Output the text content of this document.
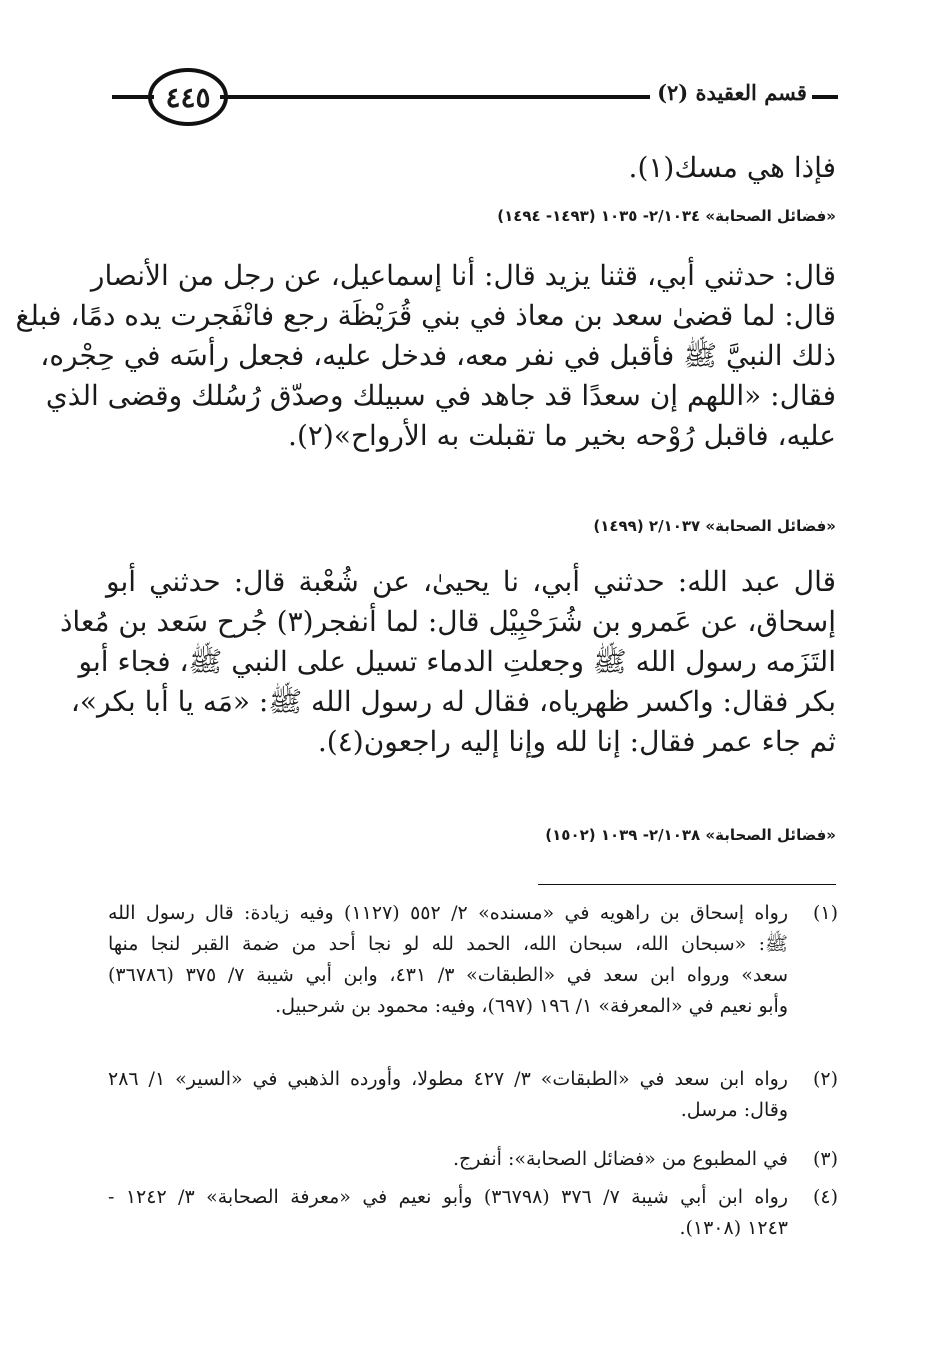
٤٤٥	قسم العقيدة (٢)
فإذا هي مسك(١).
«فضائل الصحابة» ٢/١٠٣٤- ١٠٣٥ (١٤٩٣- ١٤٩٤)
قال: حدثني أبي، قثنا يزيد قال: أنا إسماعيل، عن رجل من الأنصار
قال: لما قضىٰ سعد بن معاذ في بني قُرَيْظَة رجع فانْفَجرت يده دمًا، فبلغ
ذلك النبيَّ ﷺ فأقبل في نفر معه، فدخل عليه، فجعل رأسَه في حِجْره،
فقال: «اللهم إن سعدًا قد جاهد في سبيلك وصدّق رُسُلك وقضى الذي
عليه، فاقبل رُوْحه بخير ما تقبلت به الأرواح»(٢).
«فضائل الصحابة» ٢/١٠٣٧ (١٤٩٩)
قال عبد الله: حدثني أبي، نا يحيىٰ، عن شُعْبة قال: حدثني أبو
إسحاق، عن عَمرو بن شُرَحْبِيْل قال: لما أنفجر(٣) جُرح سَعد بن مُعاذ
التَزَمه رسول الله ﷺ وجعلتِ الدماء تسيل على النبي ﷺ، فجاء أبو
بكر فقال: واكسر ظهرياه، فقال له رسول الله ﷺ: «مَه يا أبا بكر»،
ثم جاء عمر فقال: إنا لله وإنا إليه راجعون(٤).
«فضائل الصحابة» ٢/١٠٣٨- ١٠٣٩ (١٥٠٢)
(١)
رواه إسحاق بن راهويه في «مسنده» ٢/ ٥٥٢ (١١٢٧) وفيه زيادة: قال رسول الله
ﷺ: «سبحان الله، سبحان الله، الحمد لله لو نجا أحد من ضمة القبر لنجا منها
سعد» ورواه ابن سعد في «الطبقات» ٣/ ٤٣١، وابن أبي شيبة ٧/ ٣٧٥ (٣٦٧٨٦)
وأبو نعيم في «المعرفة» ١/ ١٩٦ (٦٩٧)، وفيه: محمود بن شرحبيل.
(٢)
رواه ابن سعد في «الطبقات» ٣/ ٤٢٧ مطولا، وأورده الذهبي في «السير» ١/ ٢٨٦
وقال: مرسل.
(٣)
في المطبوع من «فضائل الصحابة»: أنفرج.
(٤)
رواه ابن أبي شيبة ٧/ ٣٧٦ (٣٦٧٩٨) وأبو نعيم في «معرفة الصحابة» ٣/ ١٢٤٢ -
١٢٤٣ (١٣٠٨).
